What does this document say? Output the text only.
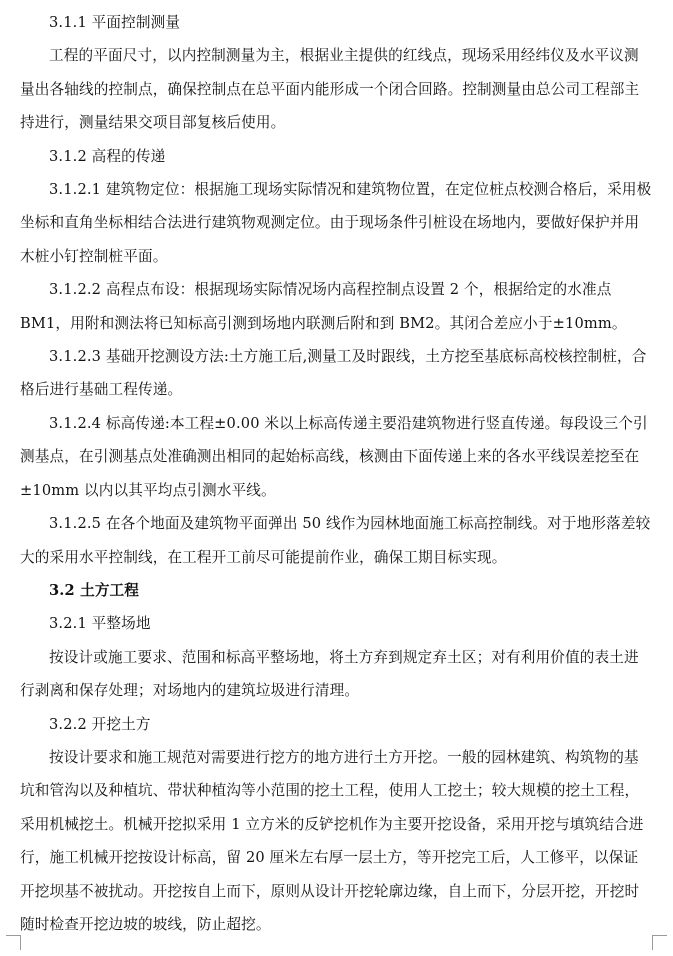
3.1.1 平面控制测量

工程的平面尺寸，以内控制测量为主，根据业主提供的红线点，现场采用经纬仪及水平议测量出各轴线的控制点，确保控制点在总平面内能形成一个闭合回路。控制测量由总公司工程部主持进行，测量结果交项目部复核后使用。

3.1.2 高程的传递

3.1.2.1 建筑物定位：根据施工现场实际情况和建筑物位置，在定位桩点校测合格后，采用极坐标和直角坐标相结合法进行建筑物观测定位。由于现场条件引桩设在场地内，要做好保护并用木桩小钉控制桩平面。

3.1.2.2 高程点布设：根据现场实际情况场内高程控制点设置 2 个，根据给定的水准点 BM1，用附和测法将已知标高引测到场地内联测后附和到 BM2。其闭合差应小于±10mm。

3.1.2.3 基础开挖测设方法:土方施工后,测量工及时跟线，土方挖至基底标高校核控制桩，合格后进行基础工程传递。

3.1.2.4 标高传递:本工程±0.00 米以上标高传递主要沿建筑物进行竖直传递。每段设三个引测基点，在引测基点处准确测出相同的起始标高线，核测由下面传递上来的各水平线误差挖至在±10mm 以内以其平均点引测水平线。

3.1.2.5 在各个地面及建筑物平面弹出 50 线作为园林地面施工标高控制线。对于地形落差较大的采用水平控制线，在工程开工前尽可能提前作业，确保工期目标实现。

3.2 土方工程

3.2.1 平整场地

按设计或施工要求、范围和标高平整场地，将土方弃到规定弃土区；对有利用价值的表土进行剥离和保存处理；对场地内的建筑垃圾进行清理。

3.2.2 开挖土方

按设计要求和施工规范对需要进行挖方的地方进行土方开挖。一般的园林建筑、构筑物的基坑和管沟以及种植坑、带状种植沟等小范围的挖土工程，使用人工挖土；较大规模的挖土工程，采用机械挖土。机械开挖拟采用 1 立方米的反铲挖机作为主要开挖设备，采用开挖与填筑结合进行，施工机械开挖按设计标高，留 20 厘米左右厚一层土方，等开挖完工后，人工修平，以保证开挖坝基不被扰动。开挖按自上而下，原则从设计开挖轮廓边缘，自上而下，分层开挖，开挖时随时检查开挖边坡的坡线，防止超挖。
